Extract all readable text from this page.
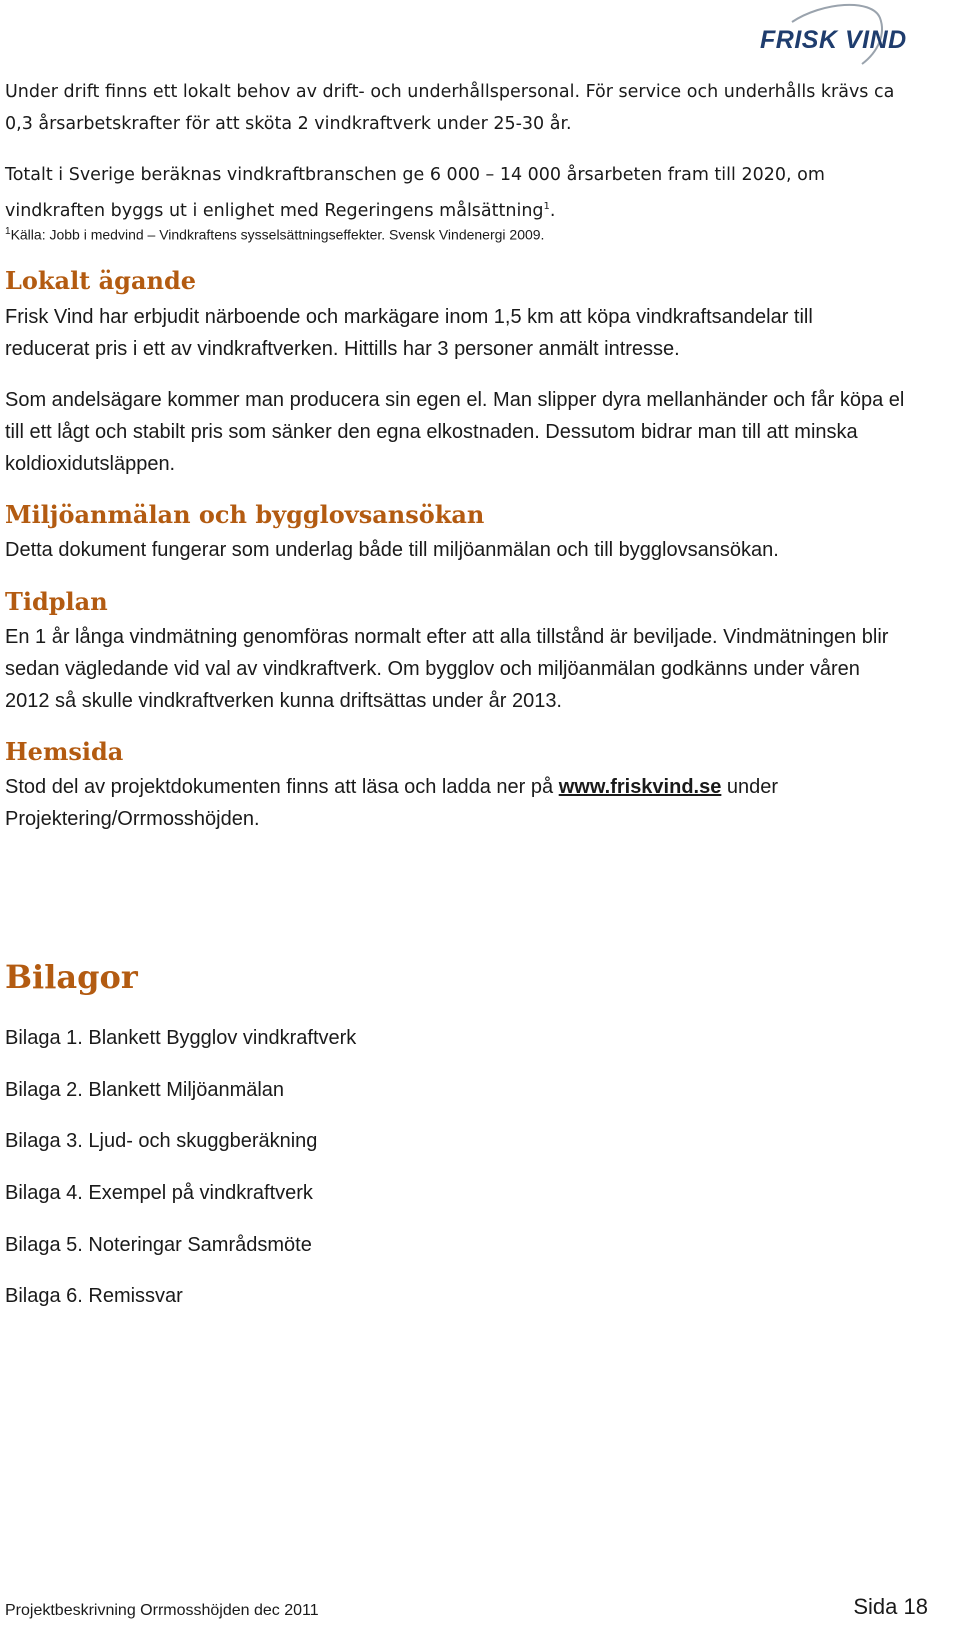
FRISK VIND
Under drift finns ett lokalt behov av drift- och underhållspersonal. För service och underhålls krävs ca
0,3 årsarbetskrafter för att sköta 2 vindkraftverk under 25-30 år.
Totalt i Sverige beräknas vindkraftbranschen ge 6 000 – 14 000 årsarbeten fram till 2020, om
vindkraften byggs ut i enlighet med Regeringens målsättning$^1$.
$^1$Källa: Jobb i medvind – Vindkraftens sysselsättningseffekter. Svensk Vindenergi 2009.
Lokalt ägande
Frisk Vind har erbjudit närboende och markägare inom 1,5 km att köpa vindkraftsandelar till
reducerat pris i ett av vindkraftverken. Hittills har 3 personer anmält intresse.
Som andelsägare kommer man producera sin egen el. Man slipper dyra mellanhänder och får köpa el
till ett lågt och stabilt pris som sänker den egna elkostnaden. Dessutom bidrar man till att minska
koldioxidutsläppen.
Miljöanmälan och bygglovsansökan
Detta dokument fungerar som underlag både till miljöanmälan och till bygglovsansökan.
Tidplan
En 1 år långa vindmätning genomföras normalt efter att alla tillstånd är beviljade. Vindmätningen blir
sedan vägledande vid val av vindkraftverk. Om bygglov och miljöanmälan godkänns under våren
2012 så skulle vindkraftverken kunna driftsättas under år 2013.
Hemsida
Stod del av projektdokumenten finns att läsa och ladda ner på www.friskvind.se under
Projektering/Orrmosshöjden.
Bilagor
Bilaga 1. Blankett Bygglov vindkraftverk
Bilaga 2. Blankett Miljöanmälan
Bilaga 3. Ljud- och skuggberäkning
Bilaga 4. Exempel på vindkraftverk
Bilaga 5. Noteringar Samrådsmöte
Bilaga 6. Remissvar
Projektbeskrivning Orrmosshöjden dec 2011	Sida 18
